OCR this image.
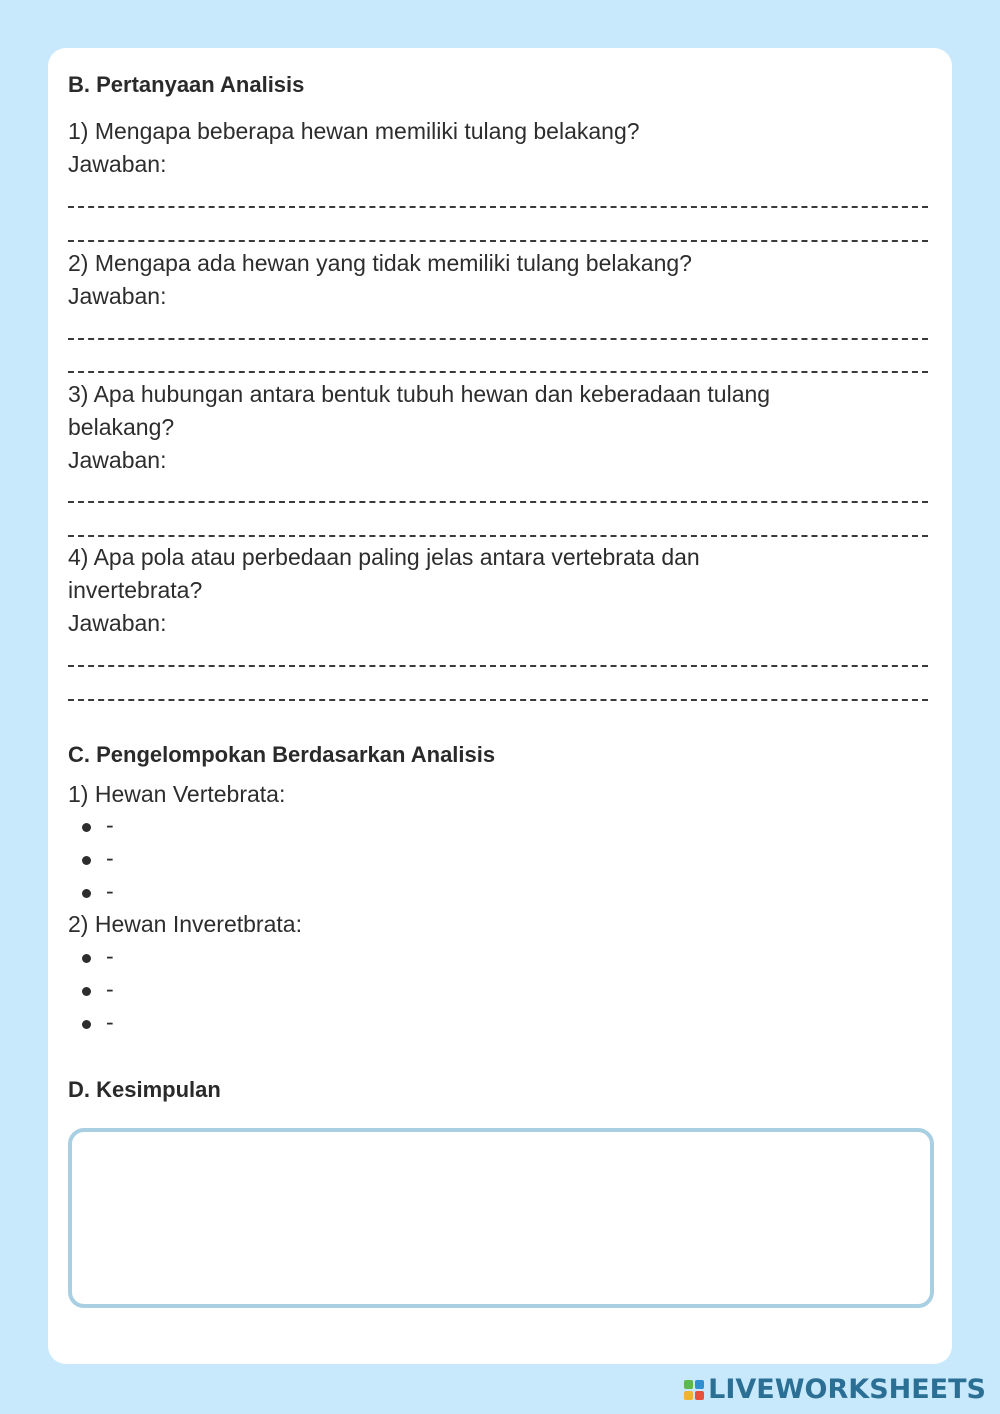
B. Pertanyaan Analisis
1) Mengapa beberapa hewan memiliki tulang belakang?
Jawaban:
2) Mengapa ada hewan yang tidak memiliki tulang belakang?
Jawaban:
3) Apa hubungan antara bentuk tubuh hewan dan keberadaan tulang
belakang?
Jawaban:
4) Apa pola atau perbedaan paling jelas antara vertebrata dan
invertebrata?
Jawaban:
C. Pengelompokan Berdasarkan Analisis
1) Hewan Vertebrata:
-
-
-
2) Hewan Inveretbrata:
-
-
-
D. Kesimpulan
LIVEWORKSHEETS
